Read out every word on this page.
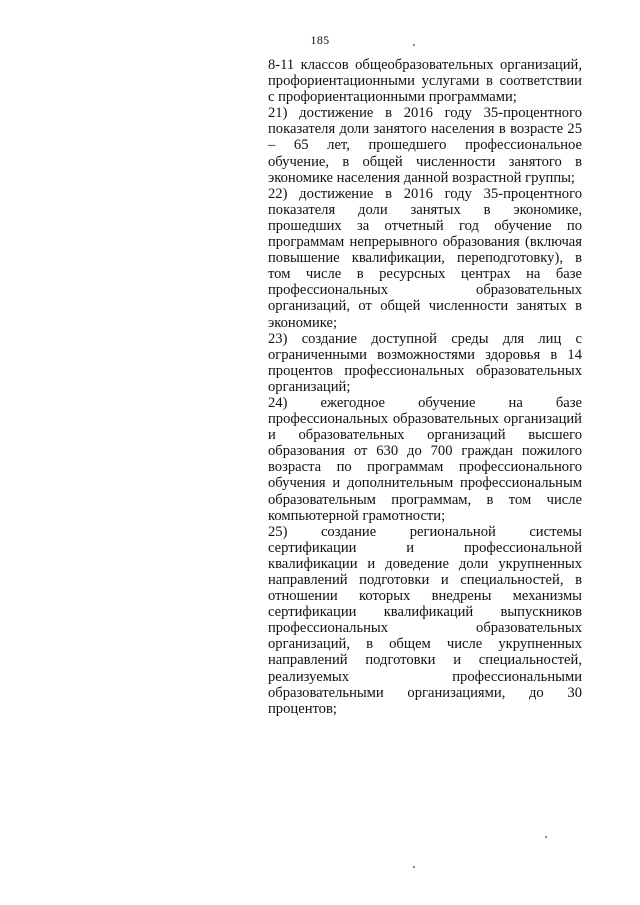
185

8-11 классов общеобразовательных организаций, профориентационными услугами в соответствии с профориентационными программами;

21) достижение в 2016 году 35-процентного показателя доли занятого населения в возрасте 25 – 65 лет, прошедшего профессиональное обучение, в общей численности занятого в экономике населения данной возрастной группы;

22) достижение в 2016 году 35-процентного показателя доли занятых в экономике, прошедших за отчетный год обучение по программам непрерывного образования (включая повышение квалификации, переподготовку), в том числе в ресурсных центрах на базе профессиональных образовательных организаций, от общей численности занятых в экономике;

23) создание доступной среды для лиц с ограниченными возможностями здоровья в 14 процентов профессиональных образовательных организаций;

24) ежегодное обучение на базе профессиональных образовательных организаций и образовательных организаций высшего образования от 630 до 700 граждан пожилого возраста по программам профессионального обучения и дополнительным профессиональным образовательным программам, в том числе компьютерной грамотности;

25) создание региональной системы сертификации и профессиональной квалификации и доведение доли укрупненных направлений подготовки и специальностей, в отношении которых внедрены механизмы сертификации квалификаций выпускников профессиональных образовательных организаций, в общем числе укрупненных направлений подготовки и специальностей, реализуемых профессиональными образовательными организациями, до 30 процентов;
